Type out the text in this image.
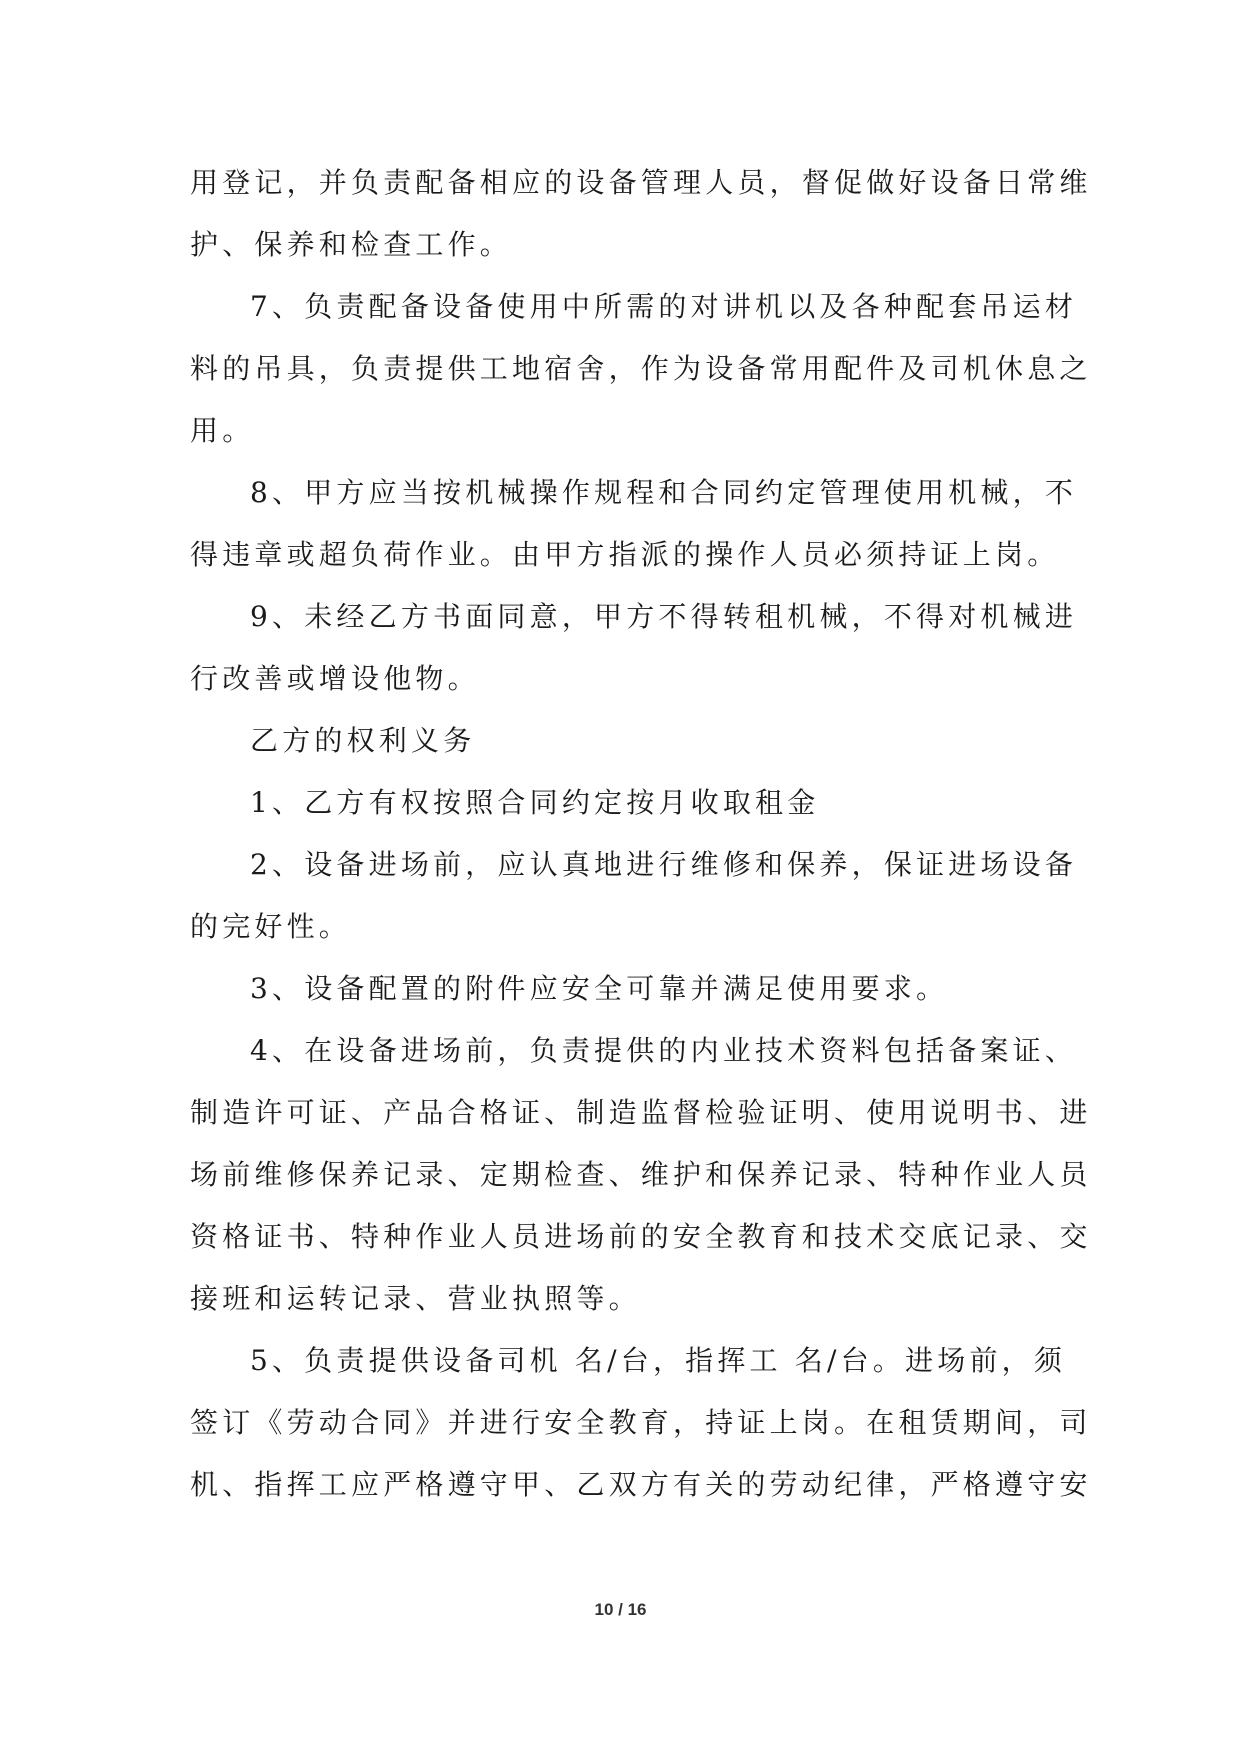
用登记，并负责配备相应的设备管理人员，督促做好设备日常维
护、保养和检查工作。
7、负责配备设备使用中所需的对讲机以及各种配套吊运材
料的吊具，负责提供工地宿舍，作为设备常用配件及司机休息之
用。
8、甲方应当按机械操作规程和合同约定管理使用机械，不
得违章或超负荷作业。由甲方指派的操作人员必须持证上岗。
9、未经乙方书面同意，甲方不得转租机械，不得对机械进
行改善或增设他物。
乙方的权利义务
1、乙方有权按照合同约定按月收取租金
2、设备进场前，应认真地进行维修和保养，保证进场设备
的完好性。
3、设备配置的附件应安全可靠并满足使用要求。
4、在设备进场前，负责提供的内业技术资料包括备案证、
制造许可证、产品合格证、制造监督检验证明、使用说明书、进
场前维修保养记录、定期检查、维护和保养记录、特种作业人员
资格证书、特种作业人员进场前的安全教育和技术交底记录、交
接班和运转记录、营业执照等。
5、负责提供设备司机 名/台，指挥工 名/台。进场前，须
签订《劳动合同》并进行安全教育，持证上岗。在租赁期间，司
机、指挥工应严格遵守甲、乙双方有关的劳动纪律，严格遵守安
10 / 16
